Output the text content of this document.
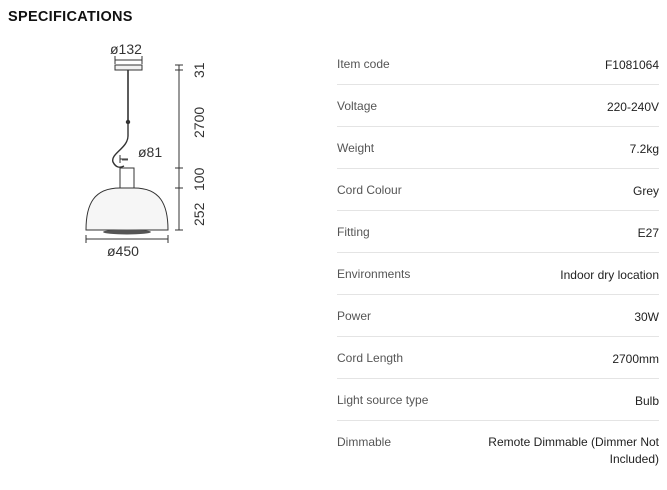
SPECIFICATIONS
ø132
ø81
ø450
31
2700
100
252
Item code	F1081064
Voltage	220-240V
Weight	7.2kg
Cord Colour	Grey
Fitting	E27
Environments	Indoor dry location
Power	30W
Cord Length	2700mm
Light source type	Bulb
Dimmable	Remote Dimmable (Dimmer Not Included)
